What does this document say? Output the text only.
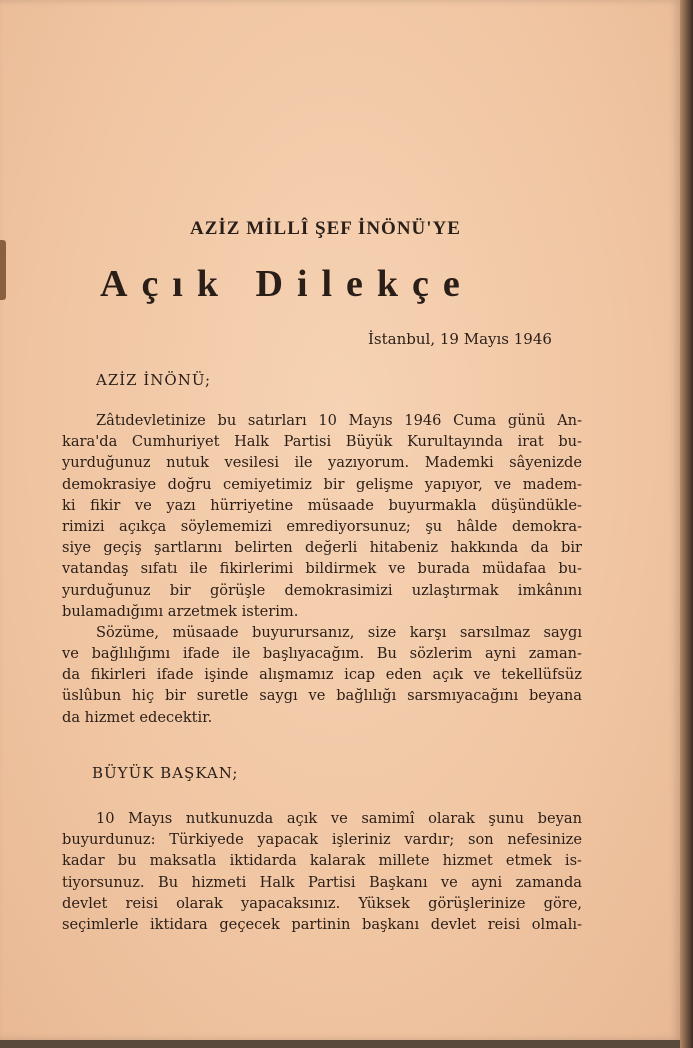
AZİZ MİLLÎ ŞEF İNÖNÜ'YE
Açık Dilekçe
İstanbul, 19 Mayıs 1946
AZİZ İNÖNÜ;
Zâtıdevletinize bu satırları 10 Mayıs 1946 Cuma günü An-
kara'da Cumhuriyet Halk Partisi Büyük Kurultayında irat bu-
yurduğunuz nutuk vesilesi ile yazıyorum. Mademki sâyenizde
demokrasiye doğru cemiyetimiz bir gelişme yapıyor, ve madem-
ki fikir ve yazı hürriyetine müsaade buyurmakla düşündükle-
rimizi açıkça söylememizi emrediyorsunuz; şu hâlde demokra-
siye geçiş şartlarını belirten değerli hitabeniz hakkında da bir
vatandaş sıfatı ile fikirlerimi bildirmek ve burada müdafaa bu-
yurduğunuz bir görüşle demokrasimizi uzlaştırmak imkânını
bulamadığımı arzetmek isterim.
Sözüme, müsaade buyurursanız, size karşı sarsılmaz saygı
ve bağlılığımı ifade ile başlıyacağım. Bu sözlerim ayni zaman-
da fikirleri ifade işinde alışmamız icap eden açık ve tekellüfsüz
üslûbun hiç bir suretle saygı ve bağlılığı sarsmıyacağını beyana
da hizmet edecektir.
BÜYÜK BAŞKAN;
10 Mayıs nutkunuzda açık ve samimî olarak şunu beyan
buyurdunuz: Türkiyede yapacak işleriniz vardır; son nefesinize
kadar bu maksatla iktidarda kalarak millete hizmet etmek is-
tiyorsunuz. Bu hizmeti Halk Partisi Başkanı ve ayni zamanda
devlet reisi olarak yapacaksınız. Yüksek görüşlerinize göre,
seçimlerle iktidara geçecek partinin başkanı devlet reisi olmalı-
